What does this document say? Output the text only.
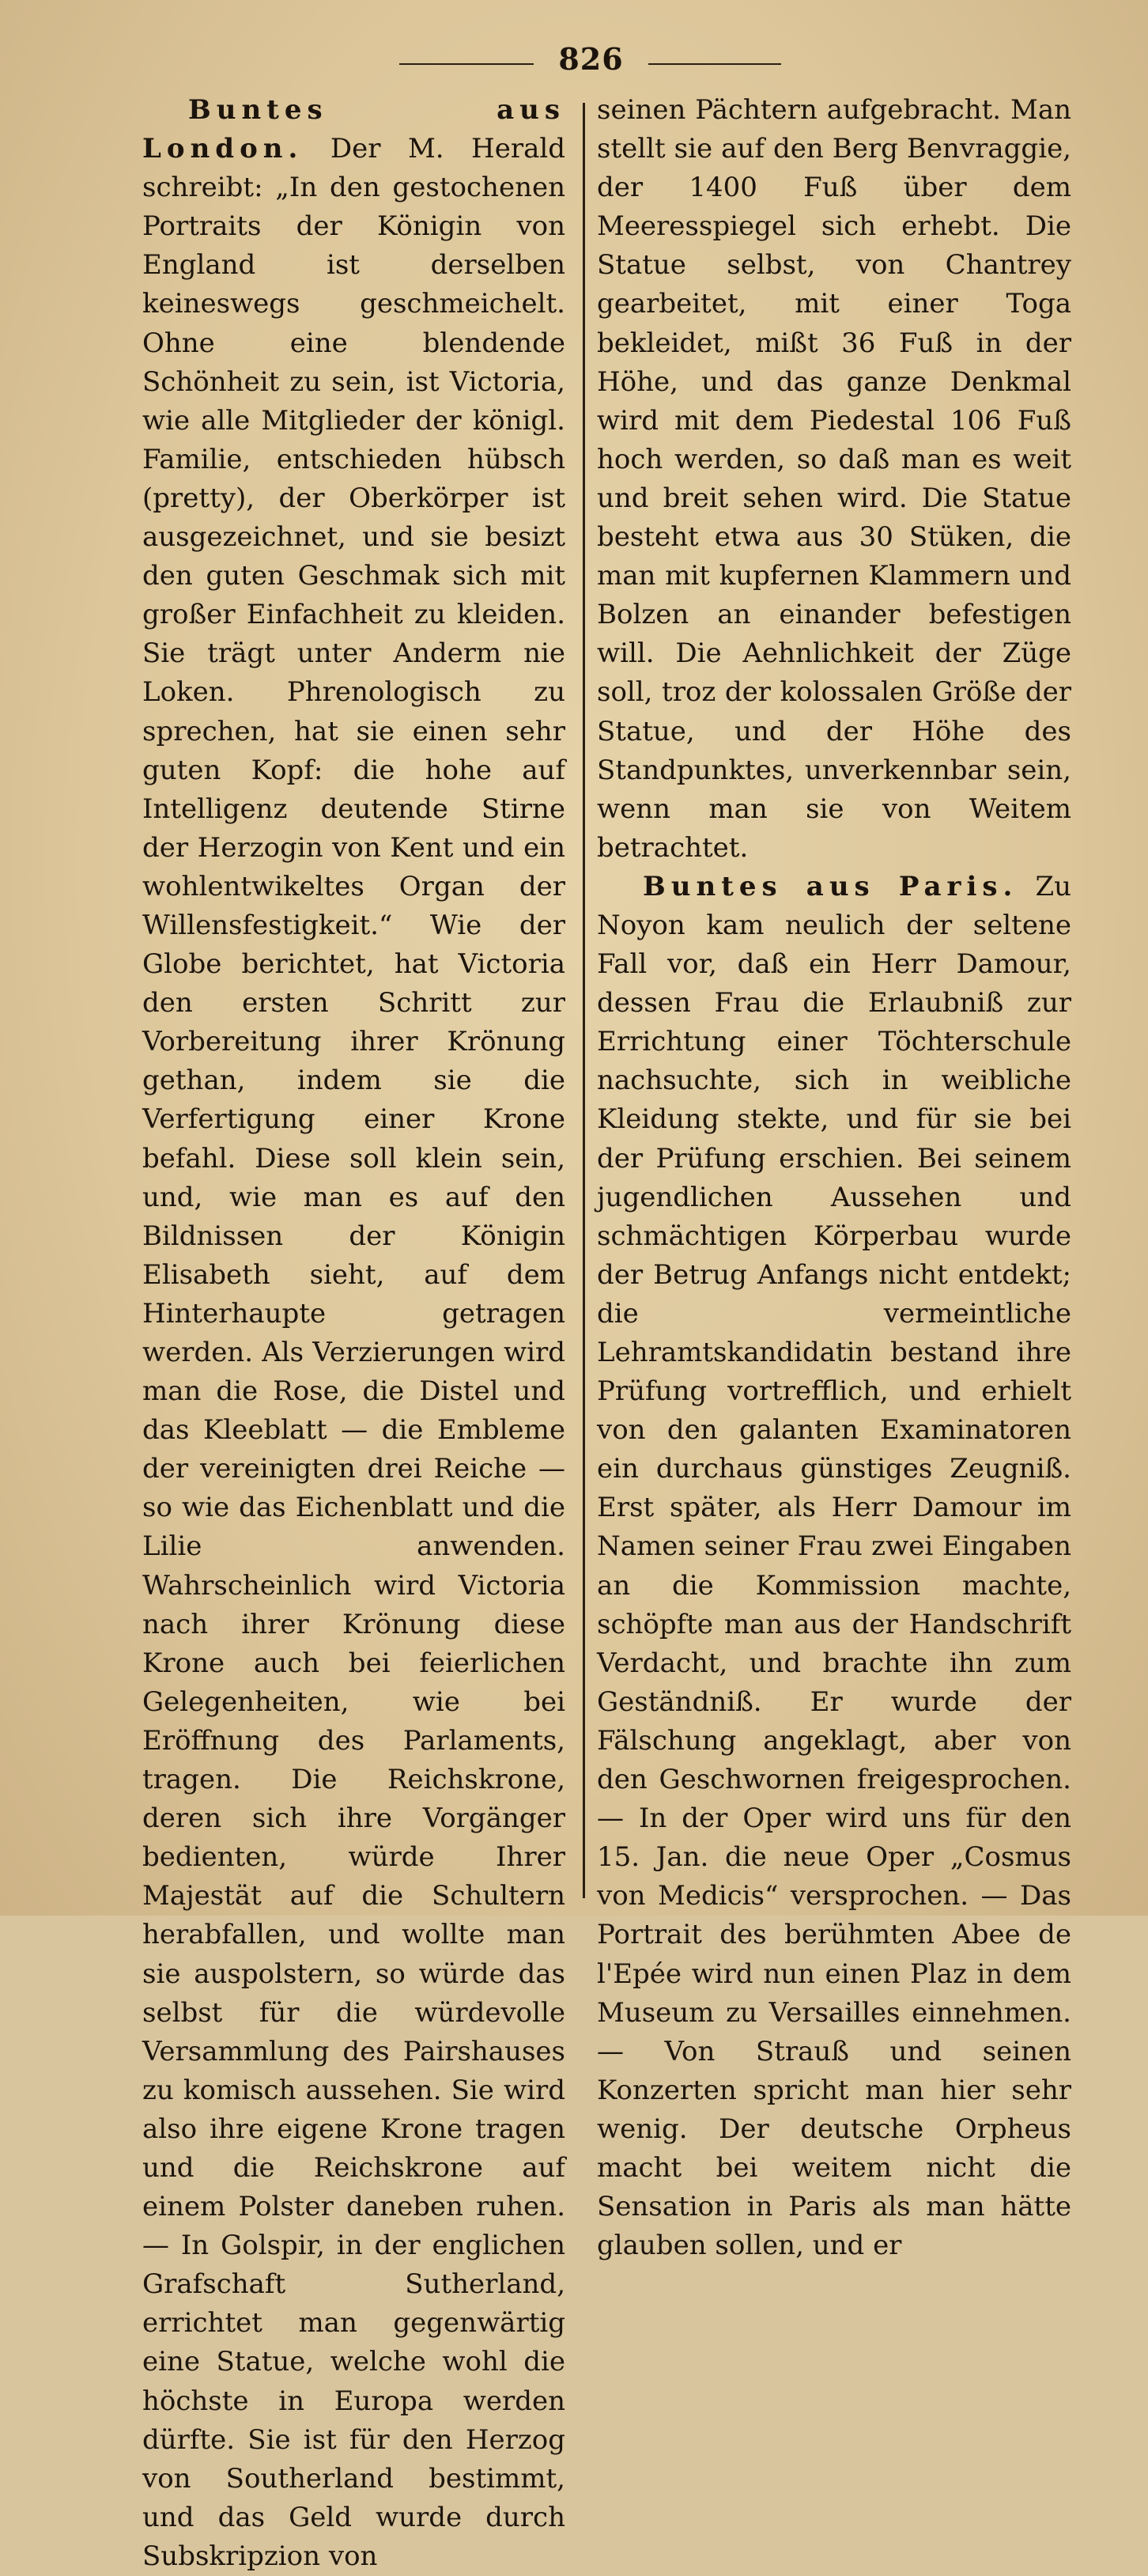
826

Buntes aus London. Der M. Herald schreibt: „In den gestochenen Portraits der Königin von England ist derselben keineswegs geschmeichelt. Ohne eine blendende Schönheit zu sein, ist Victoria, wie alle Mitglieder der königl. Familie, entschieden hübsch (pretty), der Oberkörper ist ausgezeichnet, und sie besizt den guten Geschmak sich mit großer Einfachheit zu kleiden. Sie trägt unter Anderm nie Loken. Phrenologisch zu sprechen, hat sie einen sehr guten Kopf: die hohe auf Intelligenz deutende Stirne der Herzogin von Kent und ein wohlentwikeltes Organ der Willensfestigkeit.“ Wie der Globe berichtet, hat Victoria den ersten Schritt zur Vorbereitung ihrer Krönung gethan, indem sie die Verfertigung einer Krone befahl. Diese soll klein sein, und, wie man es auf den Bildnissen der Königin Elisabeth sieht, auf dem Hinterhaupte getragen werden. Als Verzierungen wird man die Rose, die Distel und das Kleeblatt — die Embleme der vereinigten drei Reiche — so wie das Eichenblatt und die Lilie anwenden. Wahrscheinlich wird Victoria nach ihrer Krönung diese Krone auch bei feierlichen Gelegenheiten, wie bei Eröffnung des Parlaments, tragen. Die Reichskrone, deren sich ihre Vorgänger bedienten, würde Ihrer Majestät auf die Schultern herabfallen, und wollte man sie auspolstern, so würde das selbst für die würdevolle Versammlung des Pairshauses zu komisch aussehen. Sie wird also ihre eigene Krone tragen und die Reichskrone auf einem Polster daneben ruhen. — In Golspir, in der englichen Grafschaft Sutherland, errichtet man gegenwärtig eine Statue, welche wohl die höchste in Europa werden dürfte. Sie ist für den Herzog von Southerland bestimmt, und das Geld wurde durch Subskripzion von

seinen Pächtern aufgebracht. Man stellt sie auf den Berg Benvraggie, der 1400 Fuß über dem Meeresspiegel sich erhebt. Die Statue selbst, von Chantrey gearbeitet, mit einer Toga bekleidet, mißt 36 Fuß in der Höhe, und das ganze Denkmal wird mit dem Piedestal 106 Fuß hoch werden, so daß man es weit und breit sehen wird. Die Statue besteht etwa aus 30 Stüken, die man mit kupfernen Klammern und Bolzen an einander befestigen will. Die Aehnlichkeit der Züge soll, troz der kolossalen Größe der Statue, und der Höhe des Standpunktes, unverkennbar sein, wenn man sie von Weitem betrachtet.

Buntes aus Paris. Zu Noyon kam neulich der seltene Fall vor, daß ein Herr Damour, dessen Frau die Erlaubniß zur Errichtung einer Töchterschule nachsuchte, sich in weibliche Kleidung stekte, und für sie bei der Prüfung erschien. Bei seinem jugendlichen Aussehen und schmächtigen Körperbau wurde der Betrug Anfangs nicht entdekt; die vermeintliche Lehramtskandidatin bestand ihre Prüfung vortrefflich, und erhielt von den galanten Examinatoren ein durchaus günstiges Zeugniß. Erst später, als Herr Damour im Namen seiner Frau zwei Eingaben an die Kommission machte, schöpfte man aus der Handschrift Verdacht, und brachte ihn zum Geständniß. Er wurde der Fälschung angeklagt, aber von den Geschwornen freigesprochen. — In der Oper wird uns für den 15. Jan. die neue Oper „Cosmus von Medicis“ versprochen. — Das Portrait des berühmten Abee de l'Epée wird nun einen Plaz in dem Museum zu Versailles einnehmen. — Von Strauß und seinen Konzerten spricht man hier sehr wenig. Der deutsche Orpheus macht bei weitem nicht die Sensation in Paris als man hätte glauben sollen, und er
